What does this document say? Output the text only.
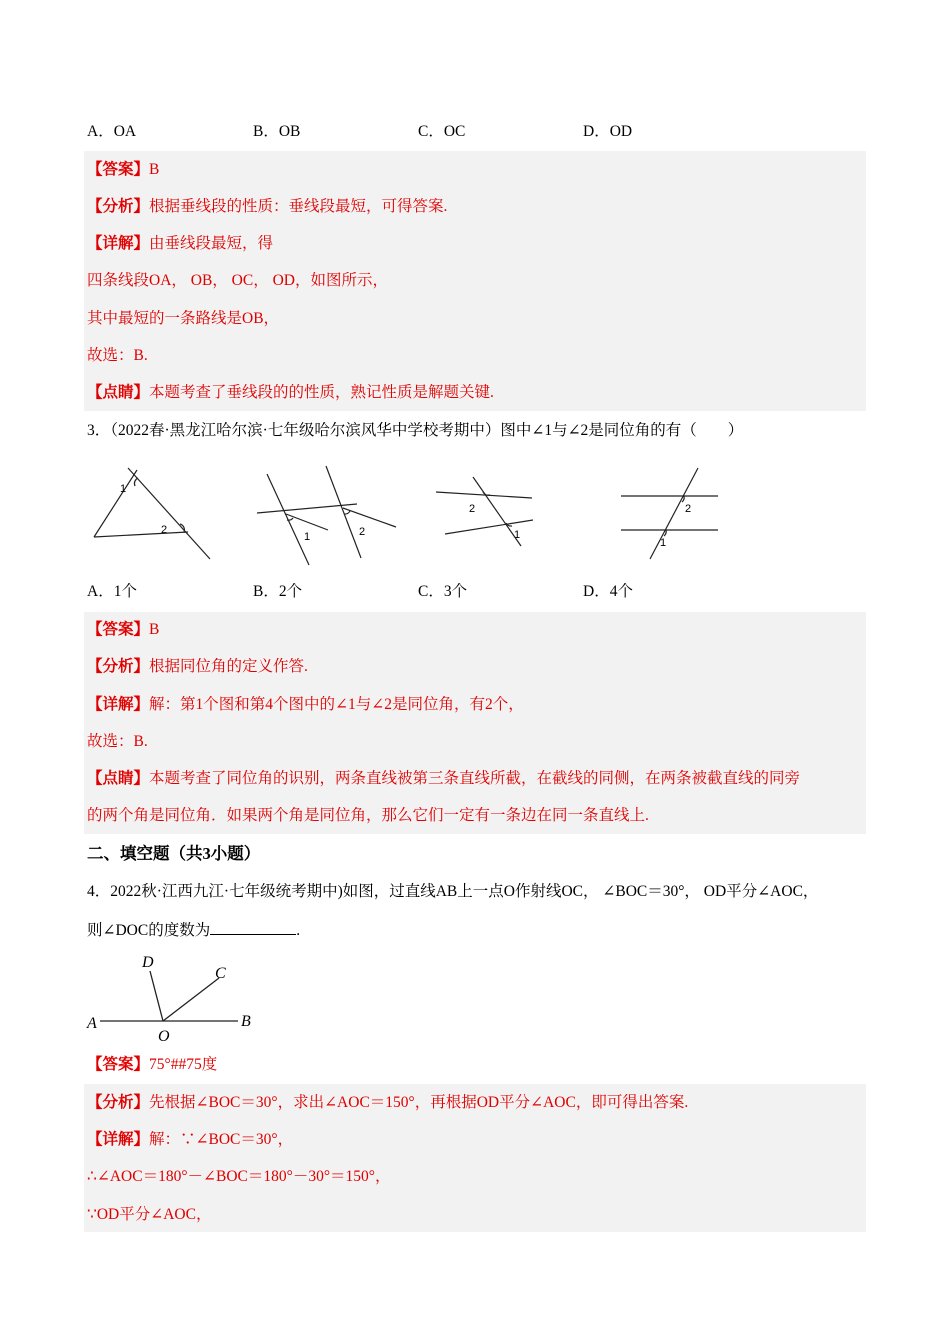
A．OA	B．OB	C．OC	D．OD
【答案】B
【分析】根据垂线段的性质：垂线段最短，可得答案.
【详解】由垂线段最短，得
四条线段OA， OB， OC， OD，如图所示，
其中最短的一条路线是OB，
故选：B.
【点睛】本题考查了垂线段的的性质，熟记性质是解题关键.
3．（2022春·黑龙江哈尔滨·七年级哈尔滨风华中学校考期中）图中∠1与∠2是同位角的有（　　）
1
2
1	2
2
1
2
1
A．1个	B．2个	C．3个	D．4个
【答案】B
【分析】根据同位角的定义作答.
【详解】解：第1个图和第4个图中的∠1与∠2是同位角，有2个，
故选：B.
【点睛】本题考查了同位角的识别，两条直线被第三条直线所截，在截线的同侧，在两条被截直线的同旁
的两个角是同位角．如果两个角是同位角，那么它们一定有一条边在同一条直线上.
二、填空题（共3小题）
4．2022秋·江西九江·七年级统考期中)如图，过直线AB上一点O作射线OC， ∠BOC＝30°， OD平分∠AOC，
则∠DOC的度数为	.
D
C
A
O
B
【答案】75°##75度
【分析】先根据∠BOC＝30°，求出∠AOC＝150°，再根据OD平分∠AOC，即可得出答案.
【详解】解：∵∠BOC＝30°，
∴∠AOC＝180°－∠BOC＝180°－30°＝150°，
∵OD平分∠AOC，
